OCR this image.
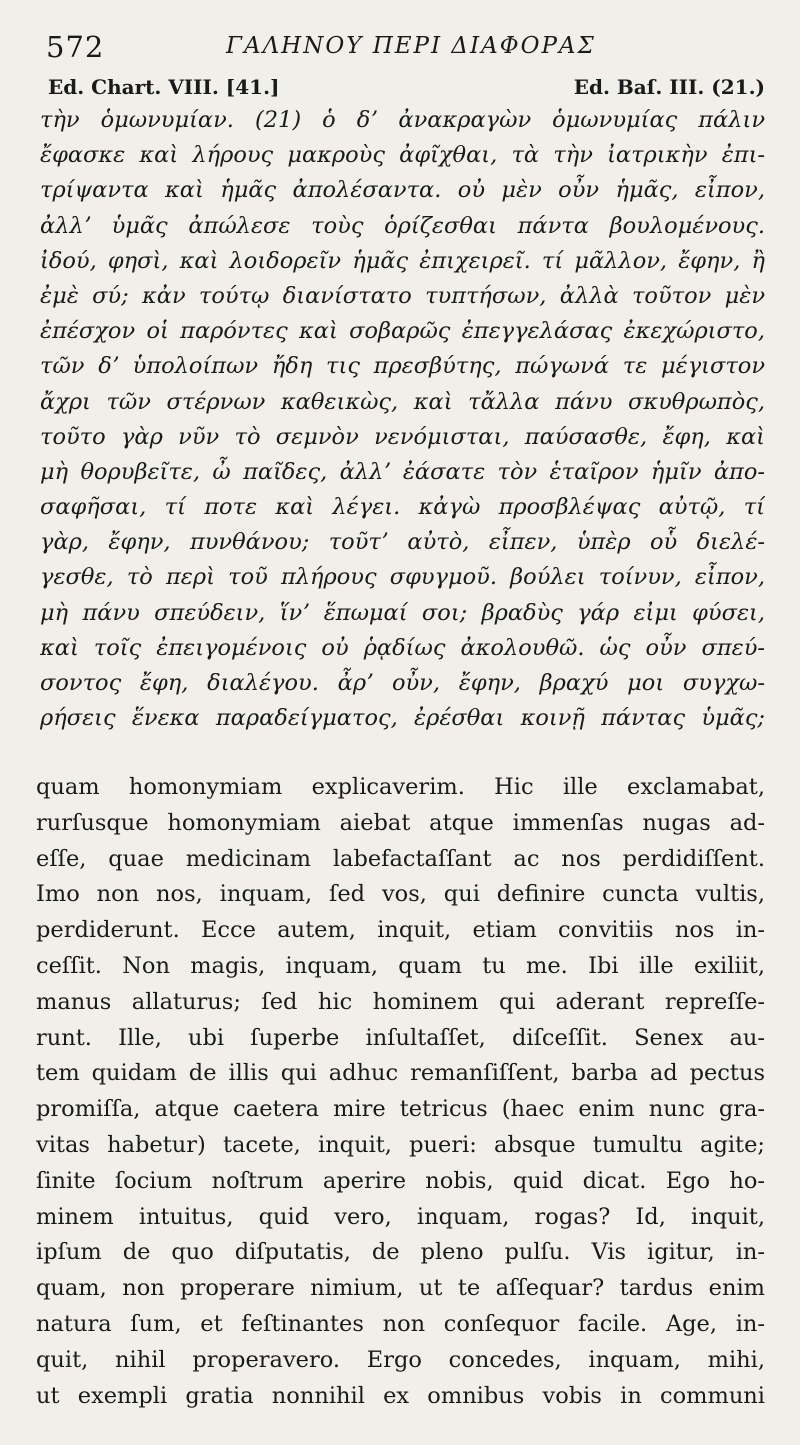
572	ΓΑΛΗΝΟΥ ΠΕΡΙ ΔΙΑΦΟΡΑΣ
Ed. Chart. VIII. [41.]	Ed. Baſ. III. (21.)
τὴν ὁμωνυμίαν. (21) ὁ δʼ ἀνακραγὼν ὁμωνυμίας πάλιν
ἔφασκε καὶ λήρους μακροὺς ἀφῖχθαι, τὰ τὴν ἰατρικὴν ἐπι-
τρίψαντα καὶ ἡμᾶς ἀπολέσαντα. οὐ μὲν οὖν ἡμᾶς, εἶπον,
ἀλλʼ ὑμᾶς ἀπώλεσε τοὺς ὁρίζεσθαι πάντα βουλομένους.
ἰδού, φησὶ, καὶ λοιδορεῖν ἡμᾶς ἐπιχειρεῖ. τί μᾶλλον, ἔφην, ἢ
ἐμὲ σύ; κἀν τούτῳ διανίστατο τυπτήσων, ἀλλὰ τοῦτον μὲν
ἐπέσχον οἱ παρόντες καὶ σοβαρῶς ἐπεγγελάσας ἐκεχώριστο,
τῶν δʼ ὑπολοίπων ἤδη τις πρεσβύτης, πώγωνά τε μέγιστον
ἄχρι τῶν στέρνων καθεικὼς, καὶ τἄλλα πάνυ σκυθρωπὸς,
τοῦτο γὰρ νῦν τὸ σεμνὸν νενόμισται, παύσασθε, ἔφη, καὶ
μὴ θορυβεῖτε, ὦ παῖδες, ἀλλʼ ἐάσατε τὸν ἑταῖρον ἡμῖν ἀπο-
σαφῆσαι, τί ποτε καὶ λέγει. κἀγὼ προσβλέψας αὐτῷ, τί
γὰρ, ἔφην, πυνθάνου; τοῦτʼ αὐτὸ, εἶπεν, ὑπὲρ οὗ διελέ-
γεσθε, τὸ περὶ τοῦ πλήρους σφυγμοῦ. βούλει τοίνυν, εἶπον,
μὴ πάνυ σπεύδειν, ἵνʼ ἕπωμαί σοι; βραδὺς γάρ εἰμι φύσει,
καὶ τοῖς ἐπειγομένοις οὐ ῥᾳδίως ἀκολουθῶ. ὡς οὖν σπεύ-
σοντος ἔφη, διαλέγου. ἆρʼ οὖν, ἔφην, βραχύ μοι συγχω-
ρήσεις ἕνεκα παραδείγματος, ἐρέσθαι κοινῇ πάντας ὑμᾶς;
quam homonymiam explicaverim. Hic ille exclamabat,
rurſusque homonymiam aiebat atque immenſas nugas ad-
eſſe, quae medicinam labefactaſſant ac nos perdidiſſent.
Imo non nos, inquam, ſed vos, qui definire cuncta vultis,
perdiderunt. Ecce autem, inquit, etiam convitiis nos in-
ceſſit. Non magis, inquam, quam tu me. Ibi ille exiliit,
manus allaturus; ſed hic hominem qui aderant repreſſe-
runt. Ille, ubi ſuperbe inſultaſſet, diſceſſit. Senex au-
tem quidam de illis qui adhuc remanſiſſent, barba ad pectus
promiſſa, atque caetera mire tetricus (haec enim nunc gra-
vitas habetur) tacete, inquit, pueri: absque tumultu agite;
ſinite ſocium noſtrum aperire nobis, quid dicat. Ego ho-
minem intuitus, quid vero, inquam, rogas? Id, inquit,
ipſum de quo diſputatis, de pleno pulſu. Vis igitur, in-
quam, non properare nimium, ut te aſſequar? tardus enim
natura ſum, et feſtinantes non conſequor facile. Age, in-
quit, nihil properavero. Ergo concedes, inquam, mihi,
ut exempli gratia nonnihil ex omnibus vobis in communi
